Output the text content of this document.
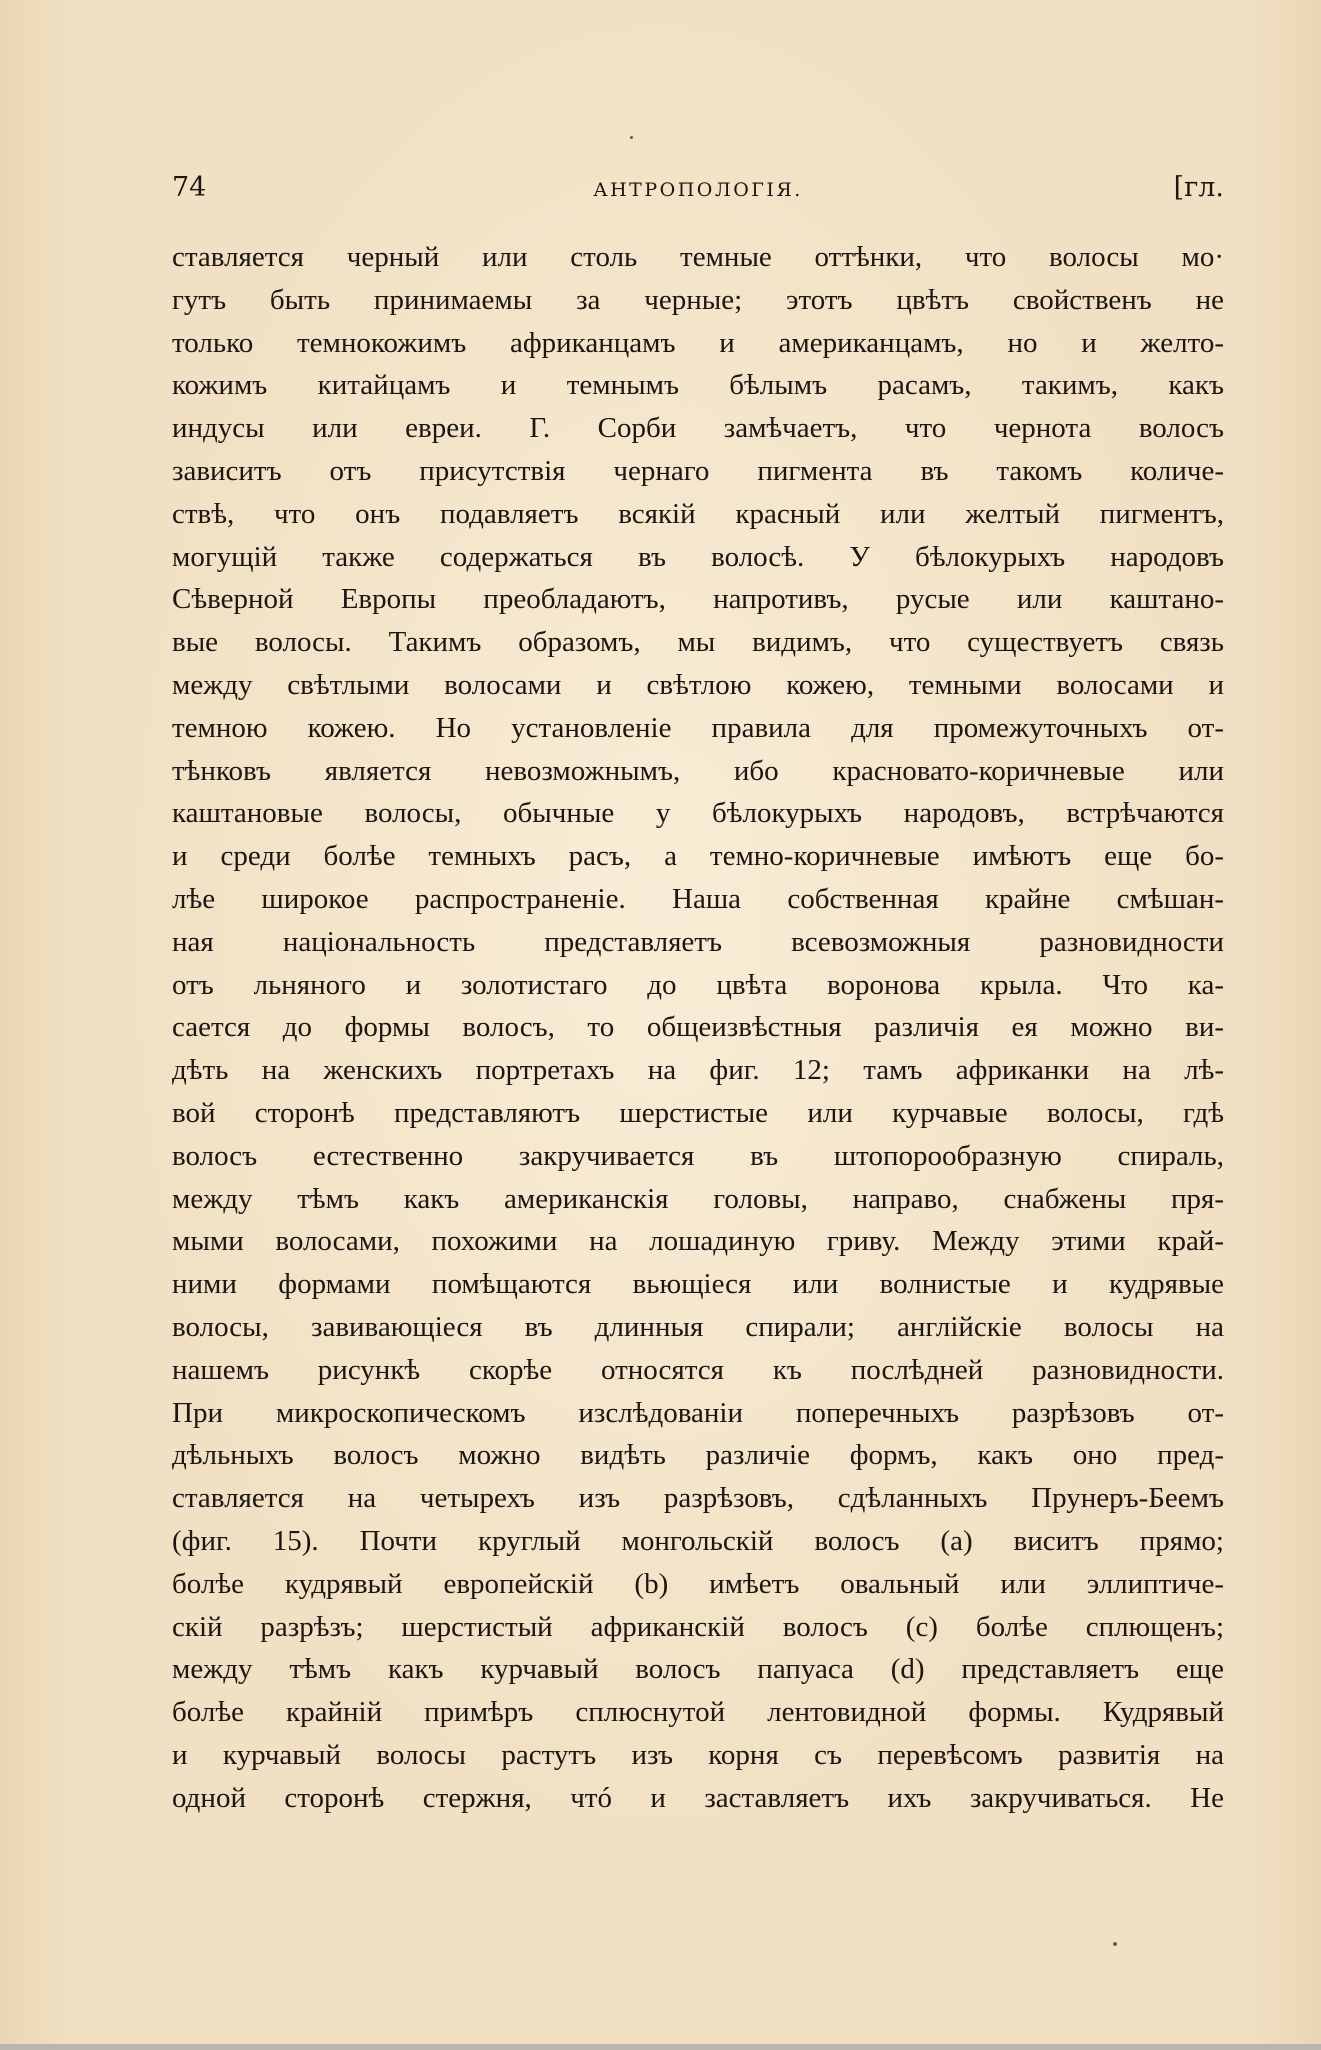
74	АНТРОПОЛОГІЯ.	[гл.
ставляется черный или столь темные оттѣнки, что волосы мо·
гутъ быть принимаемы за черные; этотъ цвѣтъ свойственъ не
только темнокожимъ африканцамъ и американцамъ, но и желто-
кожимъ китайцамъ и темнымъ бѣлымъ расамъ, такимъ, какъ
индусы или евреи. Г. Сорби замѣчаетъ, что чернота волосъ
зависитъ отъ присутствія чернаго пигмента въ такомъ количе-
ствѣ, что онъ подавляетъ всякій красный или желтый пигментъ,
могущій также содержаться въ волосѣ. У бѣлокурыхъ народовъ
Сѣверной Европы преобладаютъ, напротивъ, русые или каштано-
вые волосы. Такимъ образомъ, мы видимъ, что существуетъ связь
между свѣтлыми волосами и свѣтлою кожею, темными волосами и
темною кожею. Но установленіе правила для промежуточныхъ от-
тѣнковъ является невозможнымъ, ибо красновато-коричневые или
каштановые волосы, обычные у бѣлокурыхъ народовъ, встрѣчаются
и среди болѣе темныхъ расъ, а темно-коричневые имѣютъ еще бо-
лѣе широкое распространеніе. Наша собственная крайне смѣшан-
ная національность представляетъ всевозможныя разновидности
отъ льняного и золотистаго до цвѣта воронова крыла. Что ка-
сается до формы волосъ, то общеизвѣстныя различія ея можно ви-
дѣть на женскихъ портретахъ на фиг. 12; тамъ африканки на лѣ-
вой сторонѣ представляютъ шерстистые или курчавые волосы, гдѣ
волосъ естественно закручивается въ штопорообразную спираль,
между тѣмъ какъ американскія головы, направо, снабжены пря-
мыми волосами, похожими на лошадиную гриву. Между этими край-
ними формами помѣщаются вьющіеся или волнистые и кудрявые
волосы, завивающіеся въ длинныя спирали; англійскіе волосы на
нашемъ рисункѣ скорѣе относятся къ послѣдней разновидности.
При микроскопическомъ изслѣдованіи поперечныхъ разрѣзовъ от-
дѣльныхъ волосъ можно видѣть различіе формъ, какъ оно пред-
ставляется на четырехъ изъ разрѣзовъ, сдѣланныхъ Прунеръ-Беемъ
(фиг. 15). Почти круглый монгольскій волосъ (a) виситъ прямо;
болѣе кудрявый европейскій (b) имѣетъ овальный или эллиптиче-
скій разрѣзъ; шерстистый африканскій волосъ (c) болѣе сплющенъ;
между тѣмъ какъ курчавый волосъ папуаса (d) представляетъ еще
болѣе крайній примѣръ сплюснутой лентовидной формы. Кудрявый
и курчавый волосы растутъ изъ корня съ перевѣсомъ развитія на
одной сторонѣ стержня, чтó и заставляетъ ихъ закручиваться. Не
